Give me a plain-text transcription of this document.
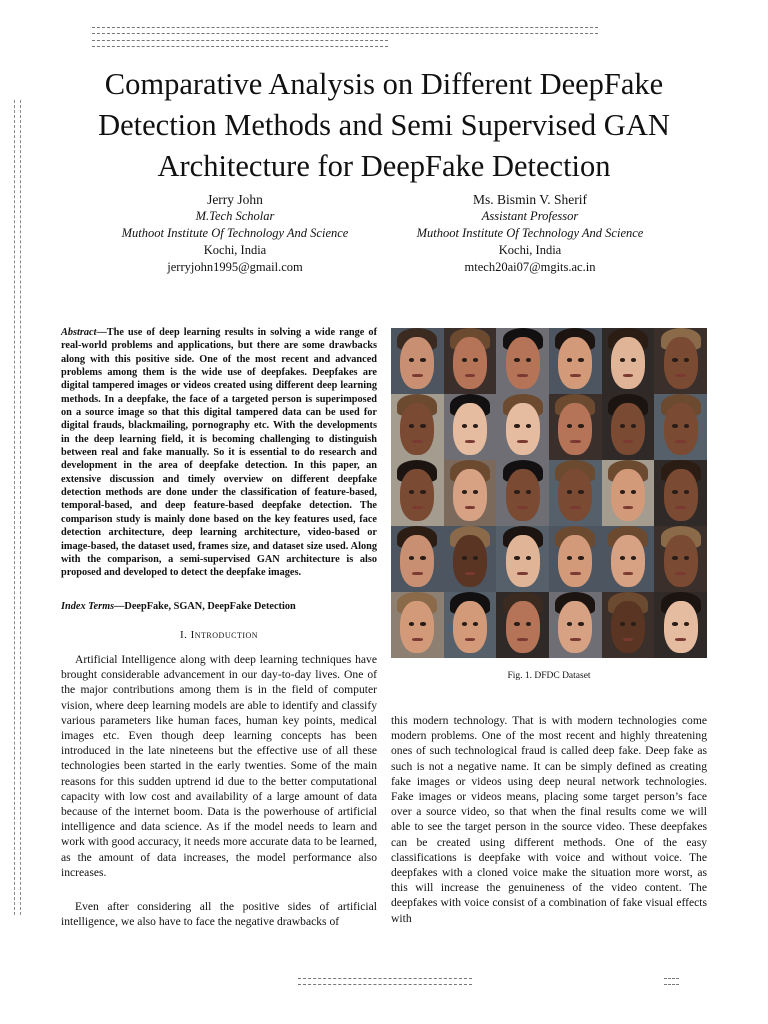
Comparative Analysis on Different DeepFake
Detection Methods and Semi Supervised GAN
Architecture for DeepFake Detection
Jerry John
M.Tech Scholar
Muthoot Institute Of Technology And Science
Kochi, India
jerryjohn1995@gmail.com
Ms. Bismin V. Sherif
Assistant Professor
Muthoot Institute Of Technology And Science
Kochi, India
mtech20ai07@mgits.ac.in
Abstract—The use of deep learning results in solving a wide range of real-world problems and applications, but there are some drawbacks along with this positive side. One of the most recent and advanced problems among them is the wide use of deepfakes. Deepfakes are digital tampered images or videos created using different deep learning methods. In a deepfake, the face of a targeted person is superimposed on a source image so that this digital tampered data can be used for digital frauds, blackmailing, pornography etc. With the developments in the deep learning field, it is becoming challenging to distinguish between real and fake manually. So it is essential to do research and development in the area of deepfake detection. In this paper, an extensive discussion and timely overview on different deepfake detection methods are done under the classification of feature-based, temporal-based, and deep feature-based deepfake detection. The comparison study is mainly done based on the key features used, face detection architecture, deep learning architecture, video-based or image-based, the dataset used, frames size, and dataset size used. Along with the comparison, a semi-supervised GAN architecture is also proposed and developed to detect the deepfake images.
Index Terms—DeepFake, SGAN, DeepFake Detection
I. Introduction
Artificial Intelligence along with deep learning techniques have brought considerable advancement in our day-to-day lives. One of the major contributions among them is in the field of computer vision, where deep learning models are able to identify and classify various parameters like human faces, human key points, medical images etc. Even though deep learning concepts has been introduced in the late nineteens but the effective use of all these technologies been started in the early twenties. Some of the main reasons for this sudden uptrend id due to the better computational capacity with low cost and availability of a large amount of data because of the internet boom. Data is the powerhouse of artificial intelligence and data science. As if the model needs to learn and work with good accuracy, it needs more accurate data to be learned, as the amount of data increases, the model performance also increases.
Even after considering all the positive sides of artificial intelligence, we also have to face the negative drawbacks of
Fig. 1. DFDC Dataset
this modern technology. That is with modern technologies come modern problems. One of the most recent and highly threatening ones of such technological fraud is called deep fake. Deep fake as such is not a negative name. It can be simply defined as creating fake images or videos using deep neural network technologies. Fake images or videos means, placing some target person’s face over a source video, so that when the final results come we will able to see the target person in the source video. These deepfakes can be created using different methods. One of the easy classifications is deepfake with voice and without voice. The deepfakes with a cloned voice make the situation more worst, as this will increase the genuineness of the video content. The deepfakes with voice consist of a combination of fake visual effects with
